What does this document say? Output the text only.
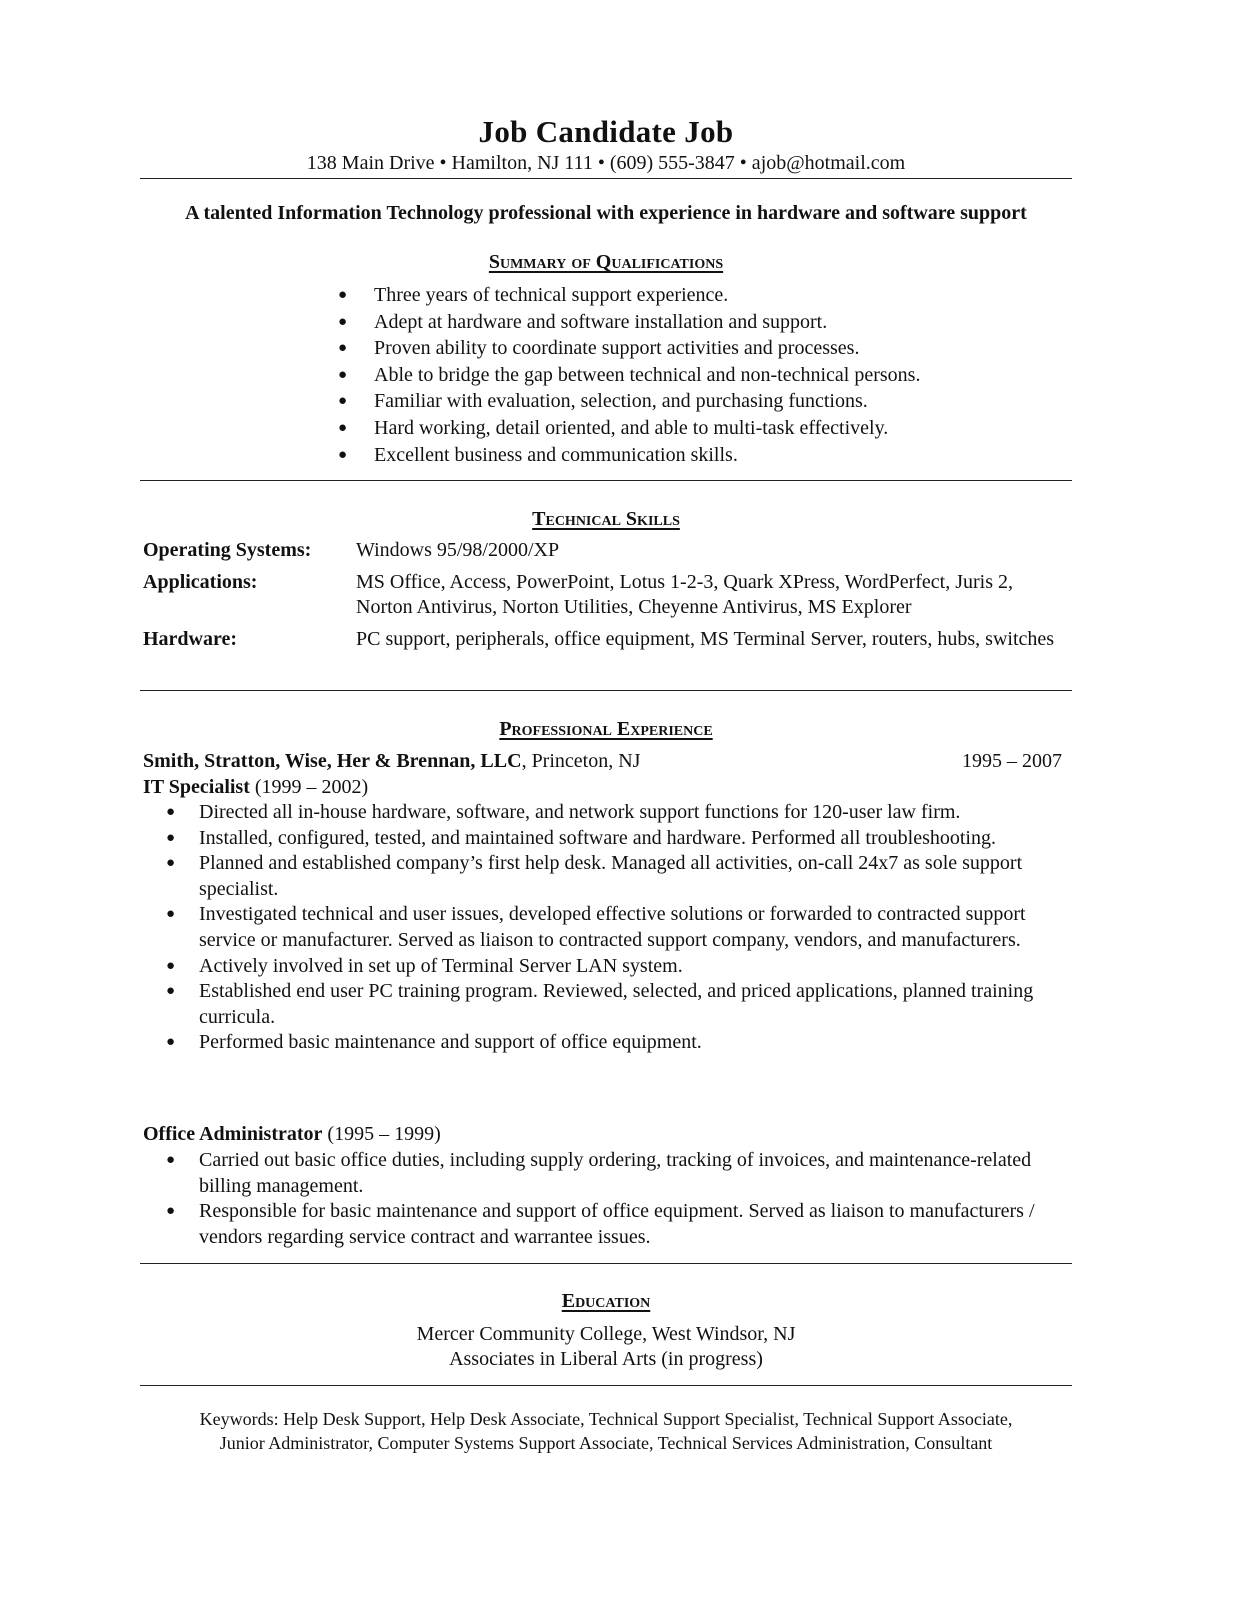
Job Candidate Job
138 Main Drive • Hamilton, NJ 111 • (609) 555-3847 • ajob@hotmail.com
A talented Information Technology professional with experience in hardware and software support
Summary of Qualifications
● Three years of technical support experience.
● Adept at hardware and software installation and support.
● Proven ability to coordinate support activities and processes.
● Able to bridge the gap between technical and non-technical persons.
● Familiar with evaluation, selection, and purchasing functions.
● Hard working, detail oriented, and able to multi-task effectively.
● Excellent business and communication skills.
Technical Skills
Operating Systems: Windows 95/98/2000/XP
Applications:	MS Office, Access, PowerPoint, Lotus 1-2-3, Quark XPress, WordPerfect, Juris 2, Norton Antivirus, Norton Utilities, Cheyenne Antivirus, MS Explorer
Hardware:	PC support, peripherals, office equipment, MS Terminal Server, routers, hubs, switches
Professional Experience
Smith, Stratton, Wise, Her & Brennan, LLC, Princeton, NJ	1995 – 2007
IT Specialist (1999 – 2002)
● Directed all in-house hardware, software, and network support functions for 120-user law firm.
● Installed, configured, tested, and maintained software and hardware. Performed all troubleshooting.
● Planned and established company’s first help desk. Managed all activities, on-call 24x7 as sole support specialist.
● Investigated technical and user issues, developed effective solutions or forwarded to contracted support service or manufacturer. Served as liaison to contracted support company, vendors, and manufacturers.
● Actively involved in set up of Terminal Server LAN system.
● Established end user PC training program. Reviewed, selected, and priced applications, planned training curricula.
● Performed basic maintenance and support of office equipment.
Office Administrator (1995 – 1999)
● Carried out basic office duties, including supply ordering, tracking of invoices, and maintenance-related billing management.
● Responsible for basic maintenance and support of office equipment. Served as liaison to manufacturers / vendors regarding service contract and warrantee issues.
Education
Mercer Community College, West Windsor, NJ
Associates in Liberal Arts (in progress)
Keywords: Help Desk Support, Help Desk Associate, Technical Support Specialist, Technical Support Associate,
Junior Administrator, Computer Systems Support Associate, Technical Services Administration, Consultant
